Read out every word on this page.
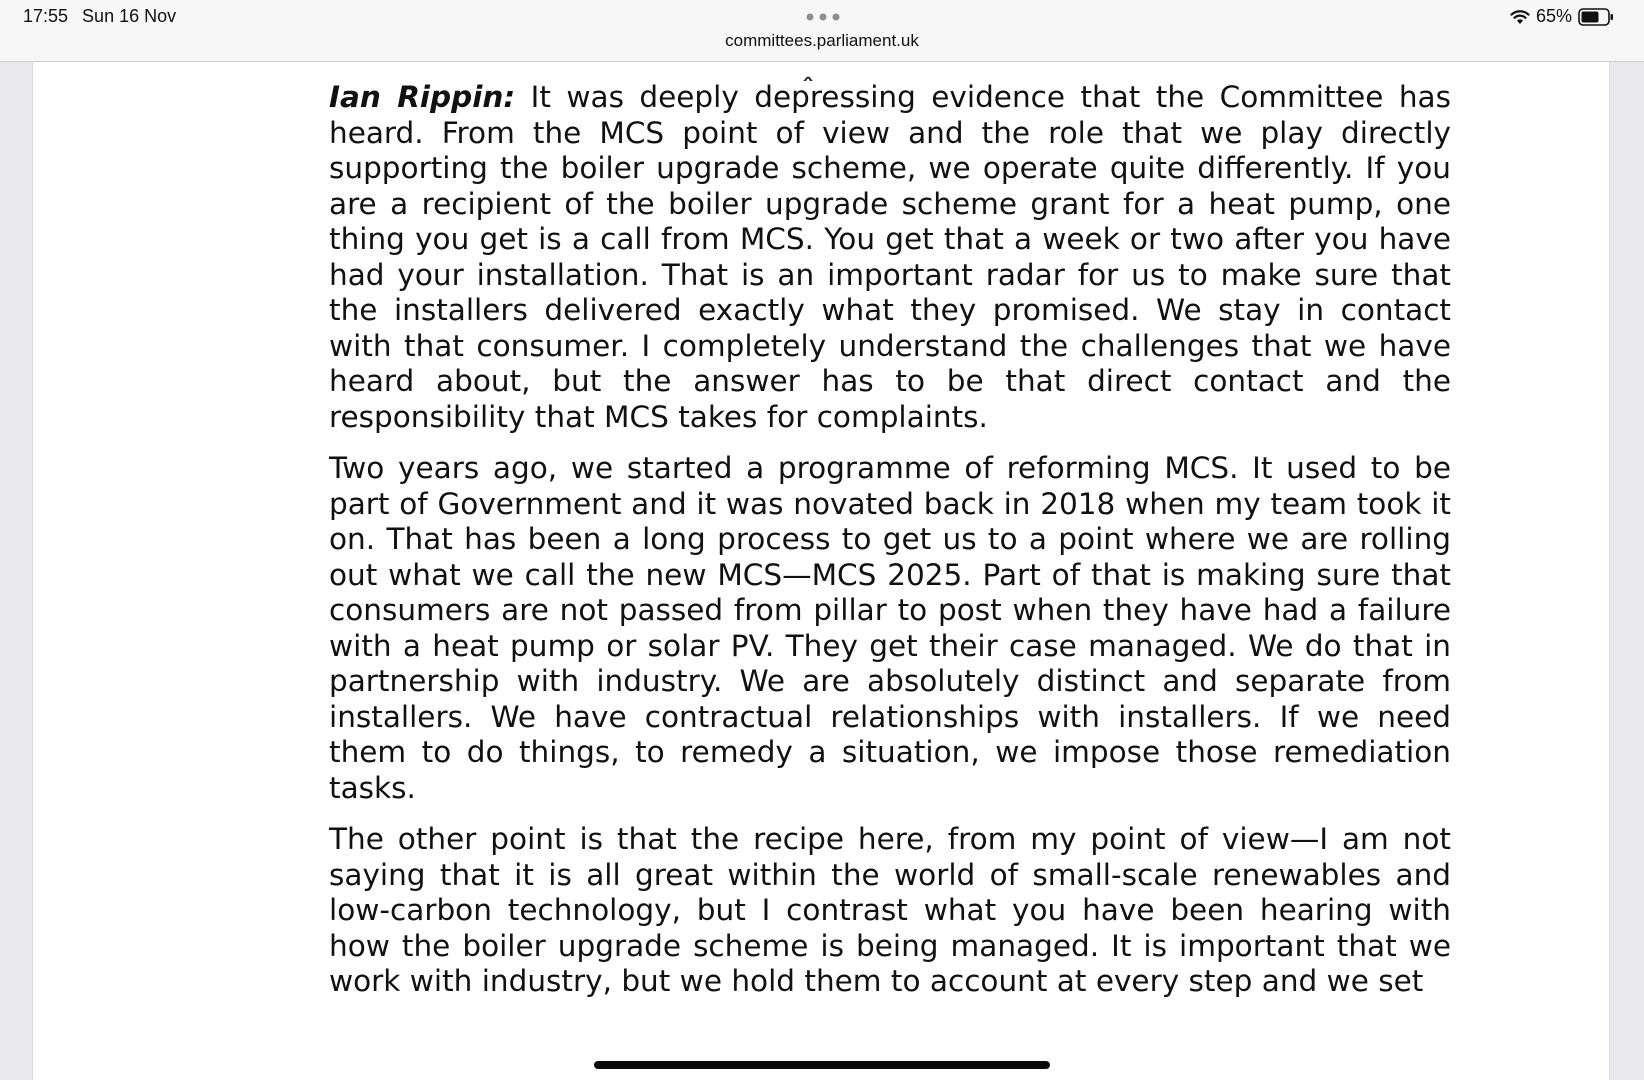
17:55 Sun 16 Nov
committees.parliament.uk
65%
ꞈ

Ian Rippin: It was deeply depressing evidence that the Committee has heard. From the MCS point of view and the role that we play directly supporting the boiler upgrade scheme, we operate quite differently. If you are a recipient of the boiler upgrade scheme grant for a heat pump, one thing you get is a call from MCS. You get that a week or two after you have had your installation. That is an important radar for us to make sure that the installers delivered exactly what they promised. We stay in contact with that consumer. I completely understand the challenges that we have heard about, but the answer has to be that direct contact and the responsibility that MCS takes for complaints.

Two years ago, we started a programme of reforming MCS. It used to be part of Government and it was novated back in 2018 when my team took it on. That has been a long process to get us to a point where we are rolling out what we call the new MCS—MCS 2025. Part of that is making sure that consumers are not passed from pillar to post when they have had a failure with a heat pump or solar PV. They get their case managed. We do that in partnership with industry. We are absolutely distinct and separate from installers. We have contractual relationships with installers. If we need them to do things, to remedy a situation, we impose those remediation tasks.

The other point is that the recipe here, from my point of view—I am not saying that it is all great within the world of small-scale renewables and low-carbon technology, but I contrast what you have been hearing with how the boiler upgrade scheme is being managed. It is important that we work with industry, but we hold them to account at every step and we set
